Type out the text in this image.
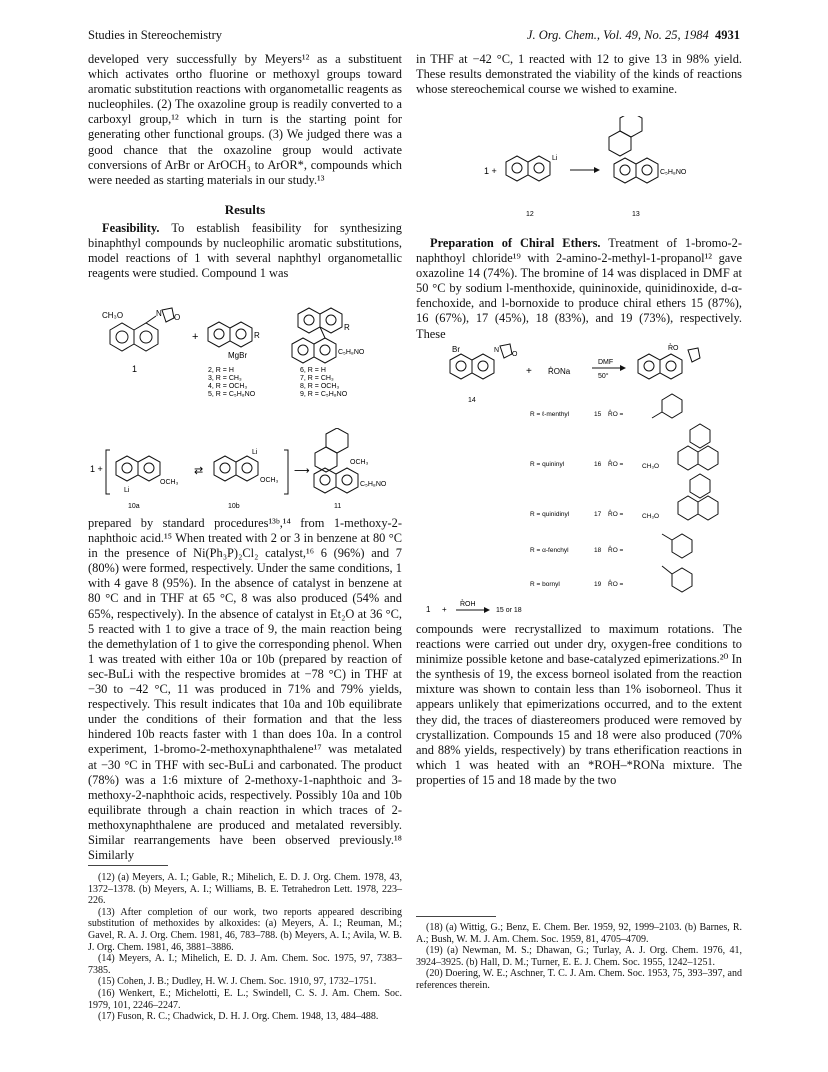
Studies in Stereochemistry	J. Org. Chem., Vol. 49, No. 25, 1984 4931

developed very successfully by Meyers¹² as a substituent which activates ortho fluorine or methoxyl groups toward aromatic substitution reactions with organometallic reagents as nucleophiles. (2) The oxazoline group is readily converted to a carboxyl group,¹² which in turn is the starting point for generating other functional groups. (3) We judged there was a good chance that the oxazoline group would activate conversions of ArBr or ArOCH₃ to ArOR*, compounds which were needed as starting materials in our study.¹³

Results

Feasibility. To establish feasibility for synthesizing binaphthyl compounds by nucleophilic aromatic substitutions, model reactions of 1 with several naphthyl organometallic reagents were studied. Compound 1 was

CH₃O	N O
1
+	R
MgBr
2, R = H
3, R = CH₃
4, R = OCH₃
5, R = C₅H₈NO
R
C₅H₈NO
6, R = H
7, R = CH₃
8, R = OCH₃
9, R = C₅H₈NO
1 +
OCH₃
Li
⇄
Li
OCH₃
⟶
OCH₃
C₅H₈NO
10a	10b	11

prepared by standard procedures¹³ᵇ,¹⁴ from 1-methoxy-2-naphthoic acid.¹⁵ When treated with 2 or 3 in benzene at 80 °C in the presence of Ni(Ph₃P)₂Cl₂ catalyst,¹⁶ 6 (96%) and 7 (80%) were formed, respectively. Under the same conditions, 1 with 4 gave 8 (95%). In the absence of catalyst in benzene at 80 °C and in THF at 65 °C, 8 was also produced (54% and 65%, respectively). In the absence of catalyst in Et₂O at 36 °C, 5 reacted with 1 to give a trace of 9, the main reaction being the demethylation of 1 to give the corresponding phenol. When 1 was treated with either 10a or 10b (prepared by reaction of sec-BuLi with the respective bromides at −78 °C) in THF at −30 to −42 °C, 11 was produced in 71% and 79% yields, respectively. This result indicates that 10a and 10b equilibrate under the conditions of their formation and that the less hindered 10b reacts faster with 1 than does 10a. In a control experiment, 1-bromo-2-methoxynaphthalene¹⁷ was metalated at −30 °C in THF with sec-BuLi and carbonated. The product (78%) was a 1:6 mixture of 2-methoxy-1-naphthoic and 3-methoxy-2-naphthoic acids, respectively. Possibly 10a and 10b equilibrate through a chain reaction in which traces of 2-methoxynaphthalene are produced and metalated reversibly. Similar rearrangements have been observed previously.¹⁸ Similarly

(12) (a) Meyers, A. I.; Gable, R.; Mihelich, E. D. J. Org. Chem. 1978, 43, 1372–1378. (b) Meyers, A. I.; Williams, B. E. Tetrahedron Lett. 1978, 223–226.

(13) After completion of our work, two reports appeared describing substitution of methoxides by alkoxides: (a) Meyers, A. I.; Reuman, M.; Gavel, R. A. J. Org. Chem. 1981, 46, 783–788. (b) Meyers, A. I.; Avila, W. B. J. Org. Chem. 1981, 46, 3881–3886.

(14) Meyers, A. I.; Mihelich, E. D. J. Am. Chem. Soc. 1975, 97, 7383–7385.

(15) Cohen, J. B.; Dudley, H. W. J. Chem. Soc. 1910, 97, 1732–1751.

(16) Wenkert, E.; Michelotti, E. L.; Swindell, C. S. J. Am. Chem. Soc. 1979, 101, 2246–2247.

(17) Fuson, R. C.; Chadwick, D. H. J. Org. Chem. 1948, 13, 484–488.

in THF at −42 °C, 1 reacted with 12 to give 13 in 98% yield. These results demonstrated the viability of the kinds of reactions whose stereochemical course we wished to examine.

1 +
Li
C₅H₈NO
12	13

Preparation of Chiral Ethers. Treatment of 1-bromo-2-naphthoyl chloride¹⁹ with 2-amino-2-methyl-1-propanol¹² gave oxazoline 14 (74%). The bromine of 14 was displaced in DMF at 50 °C by sodium l-menthoxide, quininoxide, quinidinoxide, d-α-fenchoxide, and l-bornoxide to produce chiral ethers 15 (87%), 16 (67%), 17 (45%), 18 (83%), and 19 (73%), respectively. These

Br	N
O
14
+ R̊ONa
DMF
50°
R̊O
R = ℓ-menthyl	15 R̊O =
R = quininyl	16 R̊O =	CH₃O
R = quinidinyl	17 R̊O =	CH₃O
R = α-fenchyl	18 R̊O =
R = bornyl	19 R̊O =
1 +
R̊OH
15 or 18

compounds were recrystallized to maximum rotations. The reactions were carried out under dry, oxygen-free conditions to minimize possible ketone and base-catalyzed epimerizations.²⁰ In the synthesis of 19, the excess borneol isolated from the reaction mixture was shown to contain less than 1% isoborneol. Thus it appears unlikely that epimerizations occurred, and to the extent they did, the traces of diastereomers produced were removed by crystallization. Compounds 15 and 18 were also produced (70% and 88% yields, respectively) by trans etherification reactions in which 1 was heated with an *ROH–*RONa mixture. The properties of 15 and 18 made by the two

(18) (a) Wittig, G.; Benz, E. Chem. Ber. 1959, 92, 1999–2103. (b) Barnes, R. A.; Bush, W. M. J. Am. Chem. Soc. 1959, 81, 4705–4709.

(19) (a) Newman, M. S.; Dhawan, G.; Turlay, A. J. Org. Chem. 1976, 41, 3924–3925. (b) Hall, D. M.; Turner, E. E. J. Chem. Soc. 1955, 1242–1251.

(20) Doering, W. E.; Aschner, T. C. J. Am. Chem. Soc. 1953, 75, 393–397, and references therein.
